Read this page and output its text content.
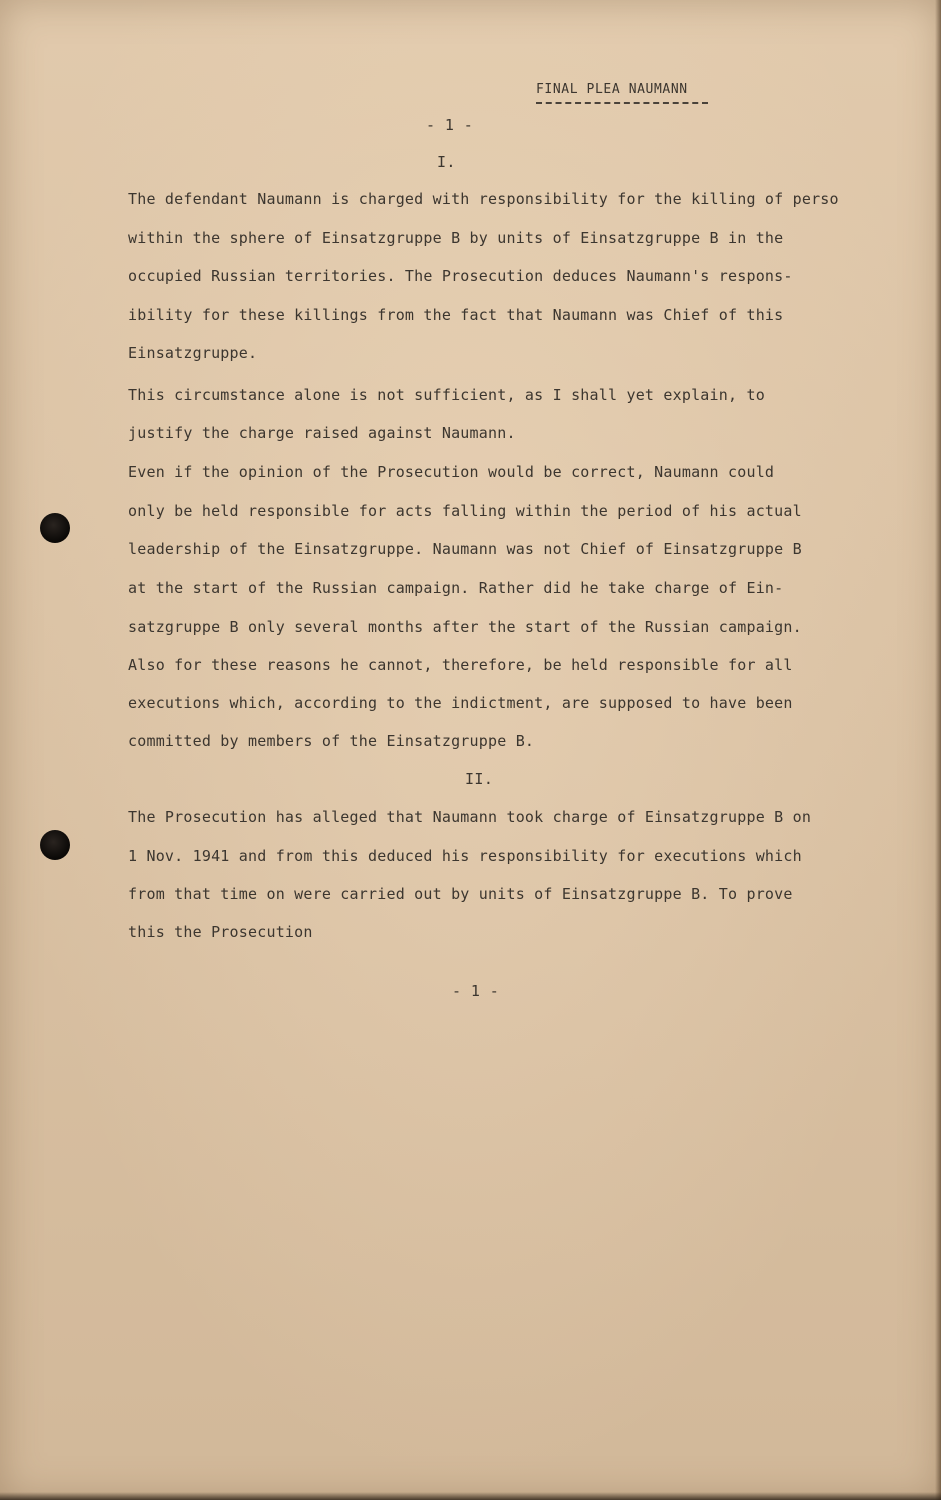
FINAL PLEA NAUMANN
- 1 -
I.
The defendant Naumann is charged with responsibility for the killing of perso
within the sphere of Einsatzgruppe B by units of Einsatzgruppe B in the
occupied Russian territories. The Prosecution deduces Naumann's respons-
ibility for these killings from the fact that Naumann was Chief of this
Einsatzgruppe.
This circumstance alone is not sufficient, as I shall yet explain, to
justify the charge raised against Naumann.
Even if the opinion of the Prosecution would be correct, Naumann could
only be held responsible for acts falling within the period of his actual
leadership of the Einsatzgruppe. Naumann was not Chief of Einsatzgruppe B
at the start of the Russian campaign. Rather did he take charge of Ein-
satzgruppe B only several months after the start of the Russian campaign.
Also for these reasons he cannot, therefore, be held responsible for all
executions which, according to the indictment, are supposed to have been
committed by members of the Einsatzgruppe B.
The Prosecution has alleged that Naumann took charge of Einsatzgruppe B on
1 Nov. 1941 and from this deduced his responsibility for executions which
from that time on were carried out by units of Einsatzgruppe B. To prove
this the Prosecution
II.
- 1 -
